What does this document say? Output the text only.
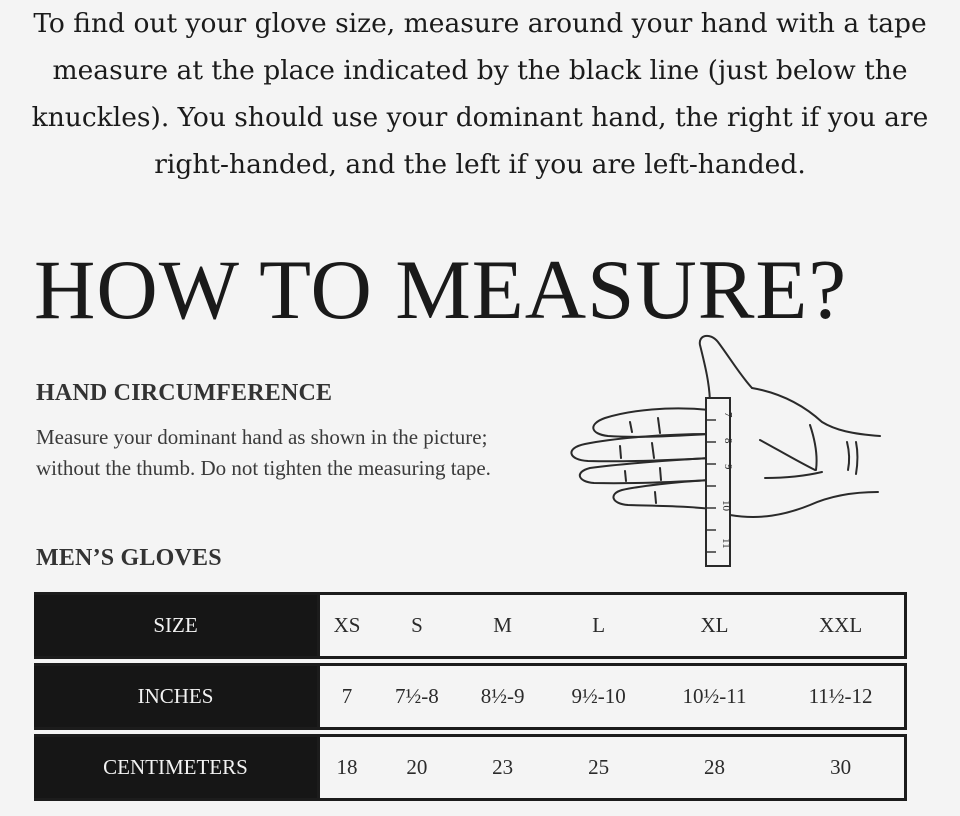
To find out your glove size, measure around your hand with a tape measure at the place indicated by the black line (just below the knuckles). You should use your dominant hand, the right if you are right-handed, and the left if you are left-handed.

HOW TO MEASURE?
HAND CIRCUMFERENCE

Measure your dominant hand as shown in the picture; without the thumb. Do not tighten the measuring tape.

7
8
9
10
11
MEN’S GLOVES
SIZE	XS	S	M	L	XL	XXL

INCHES	7	7½-8	8½-9	9½-10	10½-11	11½-12

CENTIMETERS	18	20	23	25	28	30
